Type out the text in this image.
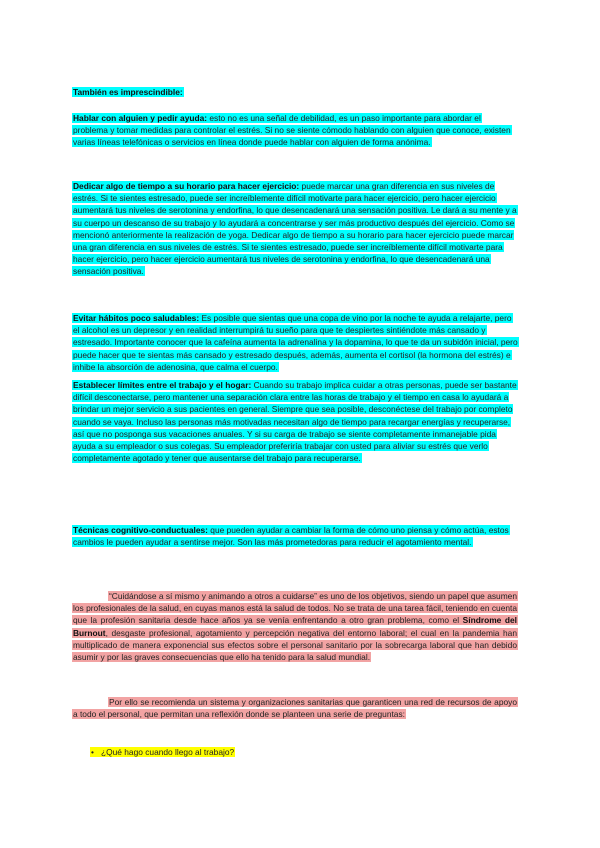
También es imprescindible:

Hablar con alguien y pedir ayuda: esto no es una señal de debilidad, es un paso importante para abordar el problema y tomar medidas para controlar el estrés. Si no se siente cómodo hablando con alguien que conoce, existen varias líneas telefónicas o servicios en línea donde puede hablar con alguien de forma anónima.

Dedicar algo de tiempo a su horario para hacer ejercicio: puede marcar una gran diferencia en sus niveles de estrés. Si te sientes estresado, puede ser increíblemente difícil motivarte para hacer ejercicio, pero hacer ejercicio aumentará tus niveles de serotonina y endorfina, lo que desencadenará una sensación positiva. Le dará a su mente y a su cuerpo un descanso de su trabajo y lo ayudará a concentrarse y ser más productivo después del ejercicio. Como se mencionó anteriormente la realización de yoga. Dedicar algo de tiempo a su horario para hacer ejercicio puede marcar una gran diferencia en sus niveles de estrés. Si te sientes estresado, puede ser increíblemente difícil motivarte para hacer ejercicio, pero hacer ejercicio aumentará tus niveles de serotonina y endorfina, lo que desencadenará una sensación positiva.

Evitar hábitos poco saludables: Es posible que sientas que una copa de vino por la noche te ayuda a relajarte, pero el alcohol es un depresor y en realidad interrumpirá tu sueño para que te despiertes sintiéndote más cansado y estresado. Importante conocer que la cafeína aumenta la adrenalina y la dopamina, lo que te da un subidón inicial, pero puede hacer que te sientas más cansado y estresado después, además, aumenta el cortisol (la hormona del estrés) e inhibe la absorción de adenosina, que calma el cuerpo.

Establecer límites entre el trabajo y el hogar: Cuando su trabajo implica cuidar a otras personas, puede ser bastante difícil desconectarse, pero mantener una separación clara entre las horas de trabajo y el tiempo en casa lo ayudará a brindar un mejor servicio a sus pacientes en general. Siempre que sea posible, desconéctese del trabajo por completo cuando se vaya. Incluso las personas más motivadas necesitan algo de tiempo para recargar energías y recuperarse, así que no posponga sus vacaciones anuales. Y si su carga de trabajo se siente completamente inmanejable pida ayuda a su empleador o sus colegas. Su empleador preferiría trabajar con usted para aliviar su estrés que verlo completamente agotado y tener que ausentarse del trabajo para recuperarse.

Técnicas cognitivo-conductuales: que pueden ayudar a cambiar la forma de cómo uno piensa y cómo actúa, estos cambios le pueden ayudar a sentirse mejor. Son las más prometedoras para reducir el agotamiento mental.

“Cuidándose a sí mismo y animando a otros a cuidarse” es uno de los objetivos, siendo un papel que asumen los profesionales de la salud, en cuyas manos está la salud de todos. No se trata de una tarea fácil, teniendo en cuenta que la profesión sanitaria desde hace años ya se venía enfrentando a otro gran problema, como el Síndrome del Burnout, desgaste profesional, agotamiento y percepción negativa del entorno laboral; el cual en la pandemia han multiplicado de manera exponencial sus efectos sobre el personal sanitario por la sobrecarga laboral que han debido asumir y por las graves consecuencias que ello ha tenido para la salud mundial.

Por ello se recomienda un sistema y organizaciones sanitarias que garanticen una red de recursos de apoyo a todo el personal, que permitan una reflexión donde se planteen una serie de preguntas:

• ¿Qué hago cuando llego al trabajo?
